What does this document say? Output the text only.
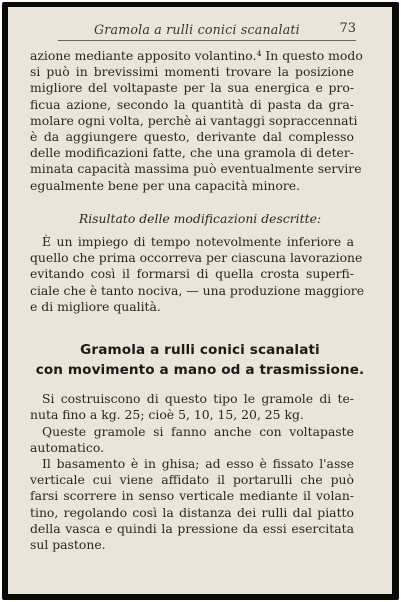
Gramola a rulli conici scanalati	73
azione mediante apposito volantino.⁴ In questo modo
si può in brevissimi momenti trovare la posizione
migliore del voltapaste per la sua energica e pro-
ficua azione, secondo la quantità di pasta da gra-
molare ogni volta, perchè ai vantaggi sopraccennati
è da aggiungere questo, derivante dal complesso
delle modificazioni fatte, che una gramola di deter-
minata capacità massima può eventualmente servire
egualmente bene per una capacità minore.
Risultato delle modificazioni descritte:
È un impiego di tempo notevolmente inferiore a
quello che prima occorreva per ciascuna lavorazione
evitando così il formarsi di quella crosta superfi-
ciale che è tanto nociva, — una produzione maggiore
e di migliore qualità.
Gramola a rulli conici scanalati
con movimento a mano od a trasmissione.
Si costruiscono di questo tipo le gramole di te-
nuta fino a kg. 25; cioè 5, 10, 15, 20, 25 kg.
Queste gramole si fanno anche con voltapaste
automatico.
Il basamento è in ghisa; ad esso è fissato l'asse
verticale cui viene affidato il portarulli che può
farsi scorrere in senso verticale mediante il volan-
tino, regolando così la distanza dei rulli dal piatto
della vasca e quindi la pressione da essi esercitata
sul pastone.
